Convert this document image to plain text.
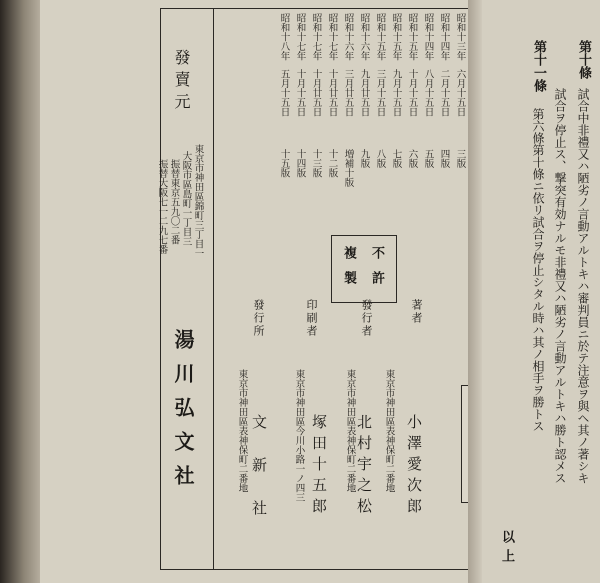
發賣元
東京市神田區錦町三丁目一
大阪市區島町一丁目三
振替東京五九〇二番
振替大阪七一二九七番
湯川弘文社
昭和十三年
昭和十四年
昭和十四年
昭和十五年
昭和十五年
昭和十五年
昭和十六年
昭和十六年
昭和十七年
昭和十七年
昭和十七年
昭和十八年
六月十五日
二月十五日
八月十五日
十月十五日
九月十五日
三月十五日
九月廿五日
三月廿五日
十月廿五日
十月廿五日
十月十五日
五月十五日
三版
四版
五版
六版
七版
八版
九版
増補十版
十二版
十三版
十四版
十五版
不許
複製
著者
東京市神田區表神保町二番地 小澤愛次郎
發行者
東京市神田區表神保町二番地 北村宇之松
印刷者
東京市神田區今川小路一ノ四三 塚田十五郎
發行所
東京市神田區表神保町二番地 文新社
第十條
試合中非禮又ハ陋劣ノ言動アルトキハ審判員ニ於テ注意ヲ與ヘ其ノ著シキ
第十一條
試合ヲ停止ス、撃突有効ナルモ非禮又ハ陋劣ノ言動アルトキハ勝ト認メス
第六條第十條ニ依リ試合ヲ停止シタル時ハ其ノ相手ヲ勝トス
以上
